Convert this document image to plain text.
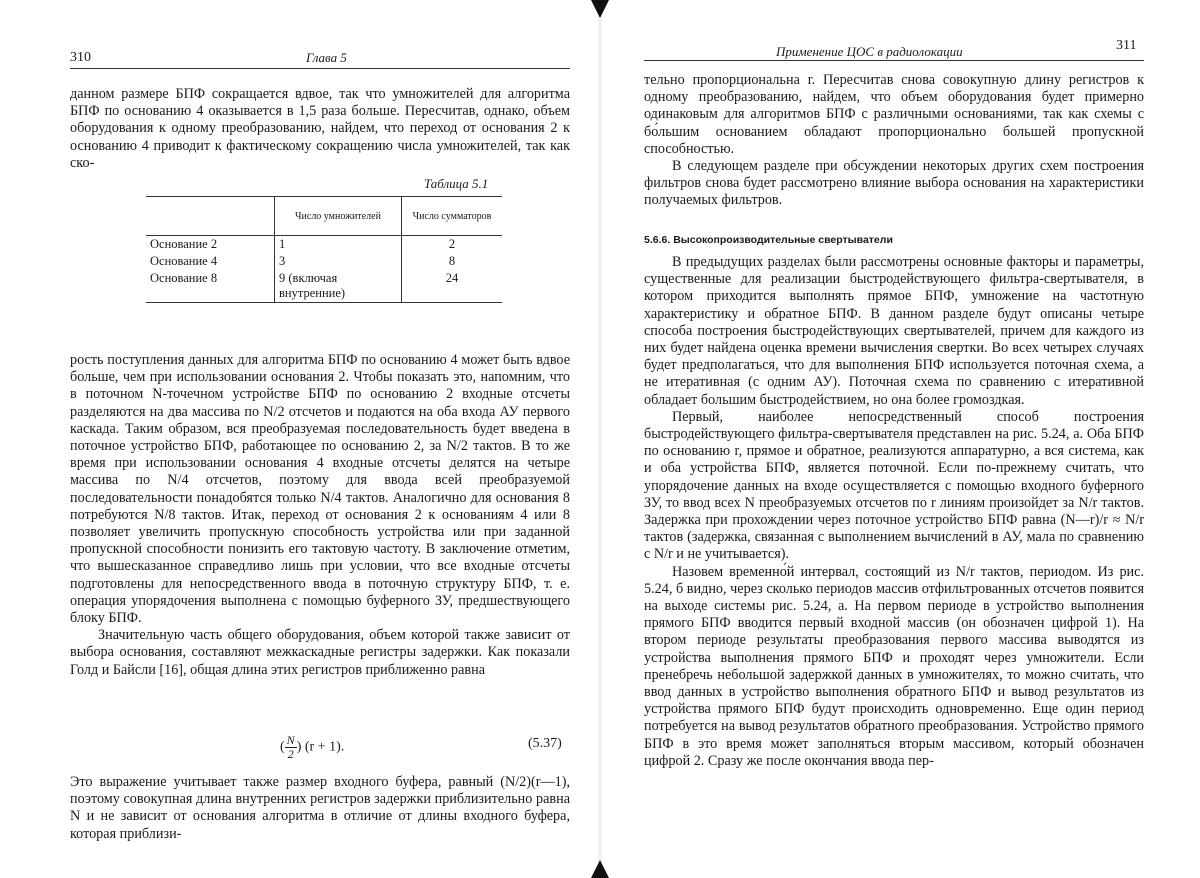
310	Глава 5

данном размере БПФ сокращается вдвое, так что умножителей для алгоритма БПФ по основанию 4 оказывается в 1,5 раза больше. Пересчитав, однако, объем оборудования к одному преобразованию, найдем, что переход от основания 2 к основанию 4 приводит к фактическому сокращению числа умножителей, так как ско-

Таблица 5.1
	Число умножителей	Число сумматоров
Основание 2	1	2
Основание 4	3	8
Основание 8	9 (включая внутренние)	24

рость поступления данных для алгоритма БПФ по основанию 4 может быть вдвое больше, чем при использовании основания 2. Чтобы показать это, напомним, что в поточном N-точечном устройстве БПФ по основанию 2 входные отсчеты разделяются на два массива по N/2 отсчетов и подаются на оба входа АУ первого каскада. Таким образом, вся преобразуемая последовательность будет введена в поточное устройство БПФ, работающее по основанию 2, за N/2 тактов. В то же время при использовании основания 4 входные отсчеты делятся на четыре массива по N/4 отсчетов, поэтому для ввода всей преобразуемой последовательности понадобятся только N/4 тактов. Аналогично для основания 8 потребуются N/8 тактов. Итак, переход от основания 2 к основаниям 4 или 8 позволяет увеличить пропускную способность устройства или при заданной пропускной способности понизить его тактовую частоту. В заключение отметим, что вышесказанное справедливо лишь при условии, что все входные отсчеты подготовлены для непосредственного ввода в поточную структуру БПФ, т. е. операция упорядочения выполнена с помощью буферного ЗУ, предшествующего блоку БПФ.

Значительную часть общего оборудования, объем которой также зависит от выбора основания, составляют межкаскадные регистры задержки. Как показали Голд и Байсли [16], общая длина этих регистров приближенно равна

( $\frac{N}{2}$) (r + 1).	(5.37)

Это выражение учитывает также размер входного буфера, равный (N/2)(r—1), поэтому совокупная длина внутренних регистров задержки приблизительно равна N и не зависит от основания алгоритма в отличие от длины входного буфера, которая приблизи-

Применение ЦОС в радиолокации	311

тельно пропорциональна r. Пересчитав снова совокупную длину регистров к одному преобразованию, найдем, что объем оборудования будет примерно одинаковым для алгоритмов БПФ с различными основаниями, так как схемы с бо́льшим основанием обладают пропорционально большей пропускной способностью.

В следующем разделе при обсуждении некоторых других схем построения фильтров снова будет рассмотрено влияние выбора основания на характеристики получаемых фильтров.

5.6.6. Высокопроизводительные свертыватели

В предыдущих разделах были рассмотрены основные факторы и параметры, существенные для реализации быстродействующего фильтра-свертывателя, в котором приходится выполнять прямое БПФ, умножение на частотную характеристику и обратное БПФ. В данном разделе будут описаны четыре способа построения быстродействующих свертывателей, причем для каждого из них будет найдена оценка времени вычисления свертки. Во всех четырех случаях будет предполагаться, что для выполнения БПФ используется поточная схема, а не итеративная (с одним АУ). Поточная схема по сравнению с итеративной обладает большим быстродействием, но она более громоздкая.

Первый, наиболее непосредственный способ построения быстродействующего фильтра-свертывателя представлен на рис. 5.24, а. Оба БПФ по основанию r, прямое и обратное, реализуются аппаратурно, а вся система, как и оба устройства БПФ, является поточной. Если по-прежнему считать, что упорядочение данных на входе осуществляется с помощью входного буферного ЗУ, то ввод всех N преобразуемых отсчетов по r линиям произойдет за N/r тактов. Задержка при прохождении через поточное устройство БПФ равна (N—r)/r ≈ N/r тактов (задержка, связанная с выполнением вычислений в АУ, мала по сравнению с N/r и не учитывается).

Назовем временно́й интервал, состоящий из N/r тактов, периодом. Из рис. 5.24, б видно, через сколько периодов массив отфильтрованных отсчетов появится на выходе системы рис. 5.24, а. На первом периоде в устройство выполнения прямого БПФ вводится первый входной массив (он обозначен цифрой 1). На втором периоде результаты преобразования первого массива выводятся из устройства выполнения прямого БПФ и проходят через умножители. Если пренебречь небольшой задержкой данных в умножителях, то можно считать, что ввод данных в устройство выполнения обратного БПФ и вывод результатов из устройства прямого БПФ будут происходить одновременно. Еще один период потребуется на вывод результатов обратного преобразования. Устройство прямого БПФ в это время может заполняться вторым массивом, который обозначен цифрой 2. Сразу же после окончания ввода пер-
